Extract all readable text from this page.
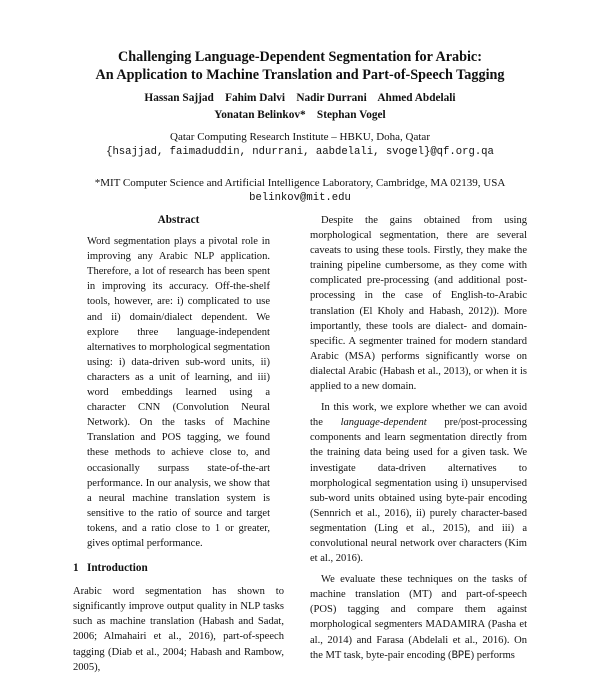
Challenging Language-Dependent Segmentation for Arabic:
An Application to Machine Translation and Part-of-Speech Tagging
Hassan Sajjad    Fahim Dalvi    Nadir Durrani    Ahmed Abdelali
Yonatan Belinkov*    Stephan Vogel
Qatar Computing Research Institute – HBKU, Doha, Qatar
{hsajjad, faimaduddin, ndurrani, aabdelali, svogel}@qf.org.qa
*MIT Computer Science and Artificial Intelligence Laboratory, Cambridge, MA 02139, USA
belinkov@mit.edu
Abstract
Word segmentation plays a pivotal role in improving any Arabic NLP application. Therefore, a lot of research has been spent in improving its accuracy. Off-the-shelf tools, however, are: i) complicated to use and ii) domain/dialect dependent. We explore three language-independent alternatives to morphological segmentation using: i) data-driven sub-word units, ii) characters as a unit of learning, and iii) word embeddings learned using a character CNN (Convolution Neural Network). On the tasks of Machine Translation and POS tagging, we found these methods to achieve close to, and occasionally surpass state-of-the-art performance. In our analysis, we show that a neural machine translation system is sensitive to the ratio of source and target tokens, and a ratio close to 1 or greater, gives optimal performance.
1   Introduction
Arabic word segmentation has shown to significantly improve output quality in NLP tasks such as machine translation (Habash and Sadat, 2006; Almahairi et al., 2016), part-of-speech tagging (Diab et al., 2004; Habash and Rambow, 2005),
Despite the gains obtained from using morphological segmentation, there are several caveats to using these tools. Firstly, they make the training pipeline cumbersome, as they come with complicated pre-processing (and additional post-processing in the case of English-to-Arabic translation (El Kholy and Habash, 2012)). More importantly, these tools are dialect- and domain-specific. A segmenter trained for modern standard Arabic (MSA) performs significantly worse on dialectal Arabic (Habash et al., 2013), or when it is applied to a new domain.
In this work, we explore whether we can avoid the language-dependent pre/post-processing components and learn segmentation directly from the training data being used for a given task. We investigate data-driven alternatives to morphological segmentation using i) unsupervised sub-word units obtained using byte-pair encoding (Sennrich et al., 2016), ii) purely character-based segmentation (Ling et al., 2015), and iii) a convolutional neural network over characters (Kim et al., 2016).
We evaluate these techniques on the tasks of machine translation (MT) and part-of-speech (POS) tagging and compare them against morphological segmenters MADAMIRA (Pasha et al., 2014) and Farasa (Abdelali et al., 2016). On the MT task, byte-pair encoding (BPE) performs
